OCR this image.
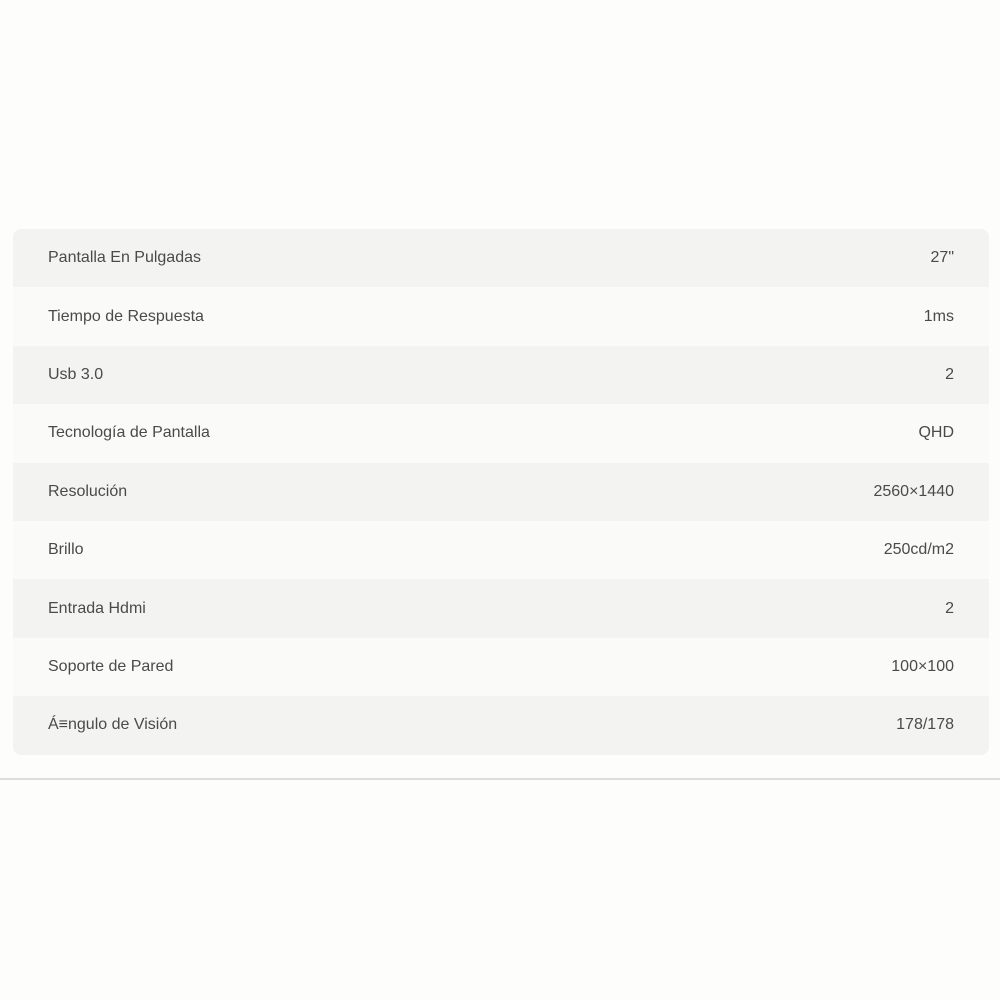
Pantalla En Pulgadas	27"
Tiempo de Respuesta	1ms
Usb 3.0	2
Tecnología de Pantalla	QHD
Resolución	2560×1440
Brillo	250cd/m2
Entrada Hdmi	2
Soporte de Pared	100×100
Á≡ngulo de Visión	178/178
